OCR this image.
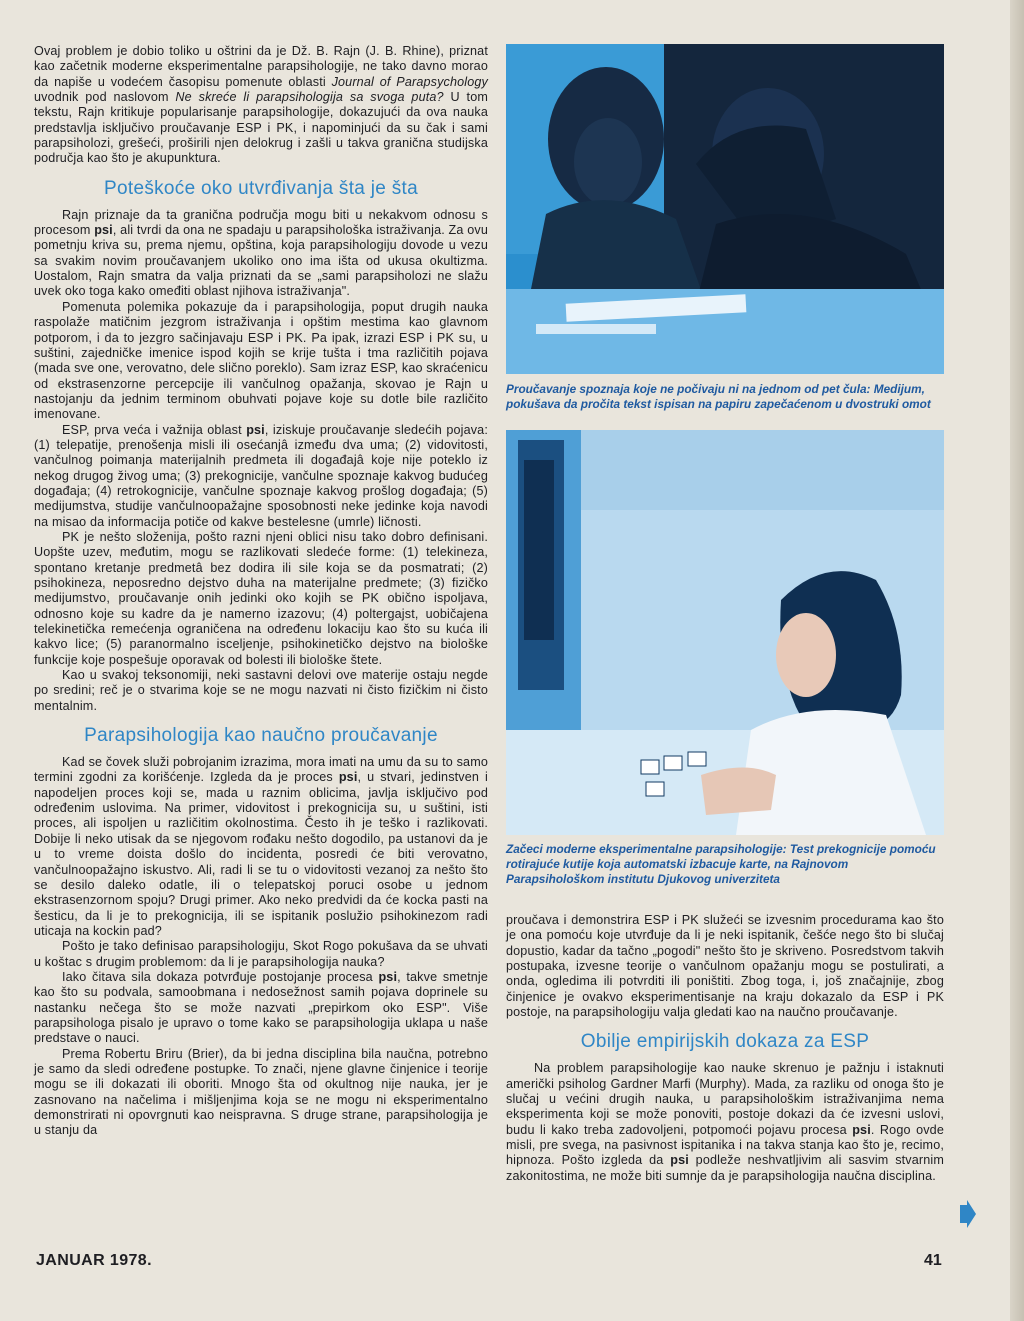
Ovaj problem je dobio toliko u oštrini da je Dž. B. Rajn (J. B. Rhine), priznat kao začetnik moderne eksperimentalne parapsihologije, ne tako davno morao da napiše u vodećem časopisu pomenute oblasti Journal of Parapsychology uvodnik pod naslovom Ne skreće li parapsihologija sa svoga puta? U tom tekstu, Rajn kritikuje popularisanje parapsihologije, dokazujući da ova nauka predstavlja isključivo proučavanje ESP i PK, i napominjući da su čak i sami parapsiholozi, grešeći, proširili njen delokrug i zašli u takva granična studijska područja kao što je akupunktura.

Poteškoće oko utvrđivanja šta je šta

Rajn priznaje da ta granična područja mogu biti u nekakvom odnosu s procesom psi, ali tvrdi da ona ne spadaju u parapsihološka istraživanja. Za ovu pometnju kriva su, prema njemu, opština, koja parapsihologiju dovode u vezu sa svakim novim proučavanjem ukoliko ono ima išta od ukusa okultizma. Uostalom, Rajn smatra da valja priznati da se „sami parapsiholozi ne slažu uvek oko toga kako omeđiti oblast njihova istraživanja".

Pomenuta polemika pokazuje da i parapsihologija, poput drugih nauka raspolaže matičnim jezgrom istraživanja i opštim mestima kao glavnom potporom, i da to jezgro sačinjavaju ESP i PK. Pa ipak, izrazi ESP i PK su, u suštini, zajedničke imenice ispod kojih se krije tušta i tma različitih pojava (mada sve one, verovatno, dele slično poreklo). Sam izraz ESP, kao skraćenicu od ekstrasenzorne percepcije ili vančulnog opažanja, skovao je Rajn u nastojanju da jednim terminom obuhvati pojave koje su dotle bile različito imenovane.

ESP, prva veća i važnija oblast psi, iziskuje proučavanje sledećih pojava: (1) telepatije, prenošenja misli ili osećanjâ između dva uma; (2) vidovitosti, vančulnog poimanja materijalnih predmeta ili događajâ koje nije poteklo iz nekog drugog živog uma; (3) prekognicije, vančulne spoznaje kakvog budućeg događaja; (4) retrokognicije, vančulne spoznaje kakvog prošlog događaja; (5) medijumstva, studije vančulnoopažajne sposobnosti neke jedinke koja navodi na misao da informacija potiče od kakve bestelesne (umrle) ličnosti.

PK je nešto složenija, pošto razni njeni oblici nisu tako dobro definisani. Uopšte uzev, međutim, mogu se razlikovati sledeće forme: (1) telekineza, spontano kretanje predmetâ bez dodira ili sile koja se da posmatrati; (2) psihokineza, neposredno dejstvo duha na materijalne predmete; (3) fizičko medijumstvo, proučavanje onih jedinki oko kojih se PK obično ispoljava, odnosno koje su kadre da je namerno izazovu; (4) poltergajst, uobičajena telekinetička remećenja ograničena na određenu lokaciju kao što su kuća ili kakvo lice; (5) paranormalno isceljenje, psihokinetičko dejstvo na biološke funkcije koje pospešuje oporavak od bolesti ili biološke štete.

Kao u svakoj teksonomiji, neki sastavni delovi ove materije ostaju negde po sredini; reč je o stvarima koje se ne mogu nazvati ni čisto fizičkim ni čisto mentalnim.

Parapsihologija kao naučno proučavanje

Kad se čovek služi pobrojanim izrazima, mora imati na umu da su to samo termini zgodni za korišćenje. Izgleda da je proces psi, u stvari, jedinstven i napodeljen proces koji se, mada u raznim oblicima, javlja isključivo pod određenim uslovima. Na primer, vidovitost i prekognicija su, u suštini, isti proces, ali ispoljen u različitim okolnostima. Često ih je teško i razlikovati. Dobije li neko utisak da se njegovom rođaku nešto dogodilo, pa ustanovi da je u to vreme doista došlo do incidenta, posredi će biti verovatno, vančulnoopažajno iskustvo. Ali, radi li se tu o vidovitosti vezanoj za nešto što se desilo daleko odatle, ili o telepatskoj poruci osobe u jednom ekstrasenzornom spoju? Drugi primer. Ako neko predvidi da će kocka pasti na šesticu, da li je to prekognicija, ili se ispitanik poslužio psihokinezom radi uticaja na kockin pad?

Pošto je tako definisao parapsihologiju, Skot Rogo pokušava da se uhvati u koštac s drugim problemom: da li je parapsihologija nauka?

Iako čitava sila dokaza potvrđuje postojanje procesa psi, takve smetnje kao što su podvala, samoobmana i nedosežnost samih pojava doprinele su nastanku nečega što se može nazvati „prepirkom oko ESP". Više parapsihologa pisalo je upravo o tome kako se parapsihologija uklapa u naše predstave o nauci.

Prema Robertu Briru (Brier), da bi jedna disciplina bila naučna, potrebno je samo da sledi određene postupke. To znači, njene glavne činjenice i teorije mogu se ili dokazati ili oboriti. Mnogo šta od okultnog nije nauka, jer je zasnovano na načelima i mišljenjima koja se ne mogu ni eksperimentalno demonstrirati ni opovrgnuti kao neispravna. S druge strane, parapsihologija je u stanju da

Proučavanje spoznaja koje ne počivaju ni na jednom od pet čula: Medijum, pokušava da pročita tekst ispisan na papiru zapečaćenom u dvostruki omot

Začeci moderne eksperimentalne parapsihologije: Test prekognicije pomoću rotirajuće kutije koja automatski izbacuje karte, na Rajnovom Parapsihološkom institutu Djukovog univerziteta

proučava i demonstrira ESP i PK služeći se izvesnim procedurama kao što je ona pomoću koje utvrđuje da li je neki ispitanik, češće nego što bi slučaj dopustio, kadar da tačno „pogodi" nešto što je skriveno. Posredstvom takvih postupaka, izvesne teorije o vančulnom opažanju mogu se postulirati, a onda, ogledima ili potvrditi ili poništiti. Zbog toga, i, još značajnije, zbog činjenice je ovakvo eksperimentisanje na kraju dokazalo da ESP i PK postoje, na parapsihologiju valja gledati kao na naučno proučavanje.

Obilje empirijskih dokaza za ESP

Na problem parapsihologije kao nauke skrenuo je pažnju i istaknuti američki psiholog Gardner Marfi (Murphy). Mada, za razliku od onoga što je slučaj u većini drugih nauka, u parapsihološkim istraživanjima nema eksperimenta koji se može ponoviti, postoje dokazi da će izvesni uslovi, budu li kako treba zadovoljeni, potpomoći pojavu procesa psi. Rogo ovde misli, pre svega, na pasivnost ispitanika i na takva stanja kao što je, recimo, hipnoza. Pošto izgleda da psi podleže neshvatljivim ali sasvim stvarnim zakonitostima, ne može biti sumnje da je parapsihologija naučna disciplina.

JANUAR 1978.	41
